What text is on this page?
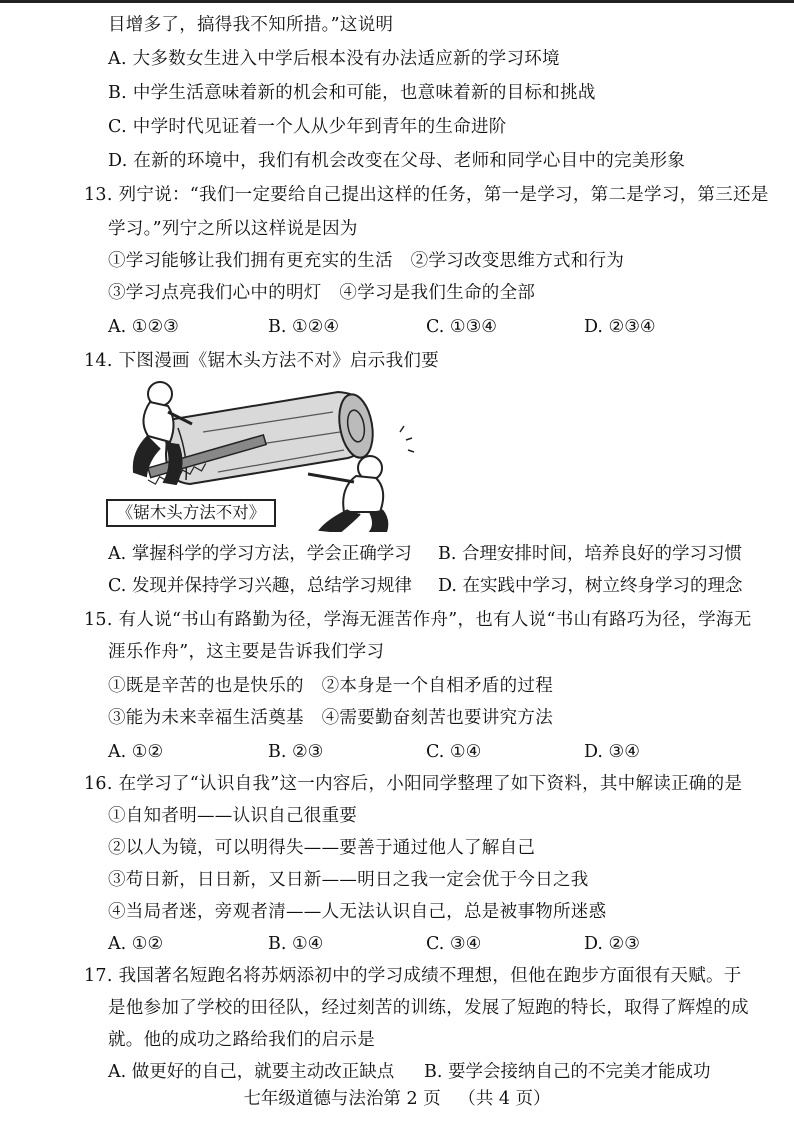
目增多了，搞得我不知所措。”这说明
A. 大多数女生进入中学后根本没有办法适应新的学习环境
B. 中学生活意味着新的机会和可能，也意味着新的目标和挑战
C. 中学时代见证着一个人从少年到青年的生命进阶
D. 在新的环境中，我们有机会改变在父母、老师和同学心目中的完美形象
13. 列宁说：“我们一定要给自己提出这样的任务，第一是学习，第二是学习，第三还是
学习。”列宁之所以这样说是因为
①学习能够让我们拥有更充实的生活　②学习改变思维方式和行为
③学习点亮我们心中的明灯　④学习是我们生命的全部
A. ①②③	B. ①②④	C. ①③④	D. ②③④
14. 下图漫画《锯木头方法不对》启示我们要
《锯木头方法不对》
A. 掌握科学的学习方法，学会正确学习 B. 合理安排时间，培养良好的学习习惯
C. 发现并保持学习兴趣，总结学习规律 D. 在实践中学习，树立终身学习的理念
15. 有人说“书山有路勤为径，学海无涯苦作舟”，也有人说“书山有路巧为径，学海无
涯乐作舟”，这主要是告诉我们学习
①既是辛苦的也是快乐的　②本身是一个自相矛盾的过程
③能为未来幸福生活奠基　④需要勤奋刻苦也要讲究方法
A. ①②	B. ②③	C. ①④	D. ③④
16. 在学习了“认识自我”这一内容后，小阳同学整理了如下资料，其中解读正确的是
①自知者明——认识自己很重要
②以人为镜，可以明得失——要善于通过他人了解自己
③苟日新，日日新，又日新——明日之我一定会优于今日之我
④当局者迷，旁观者清——人无法认识自己，总是被事物所迷惑
A. ①②	B. ①④	C. ③④	D. ②③
17. 我国著名短跑名将苏炳添初中的学习成绩不理想，但他在跑步方面很有天赋。于
是他参加了学校的田径队，经过刻苦的训练，发展了短跑的特长，取得了辉煌的成
就。他的成功之路给我们的启示是
A. 做更好的自己，就要主动改正缺点 B. 要学会接纳自己的不完美才能成功
七年级道德与法治第 2 页 （共 4 页）
